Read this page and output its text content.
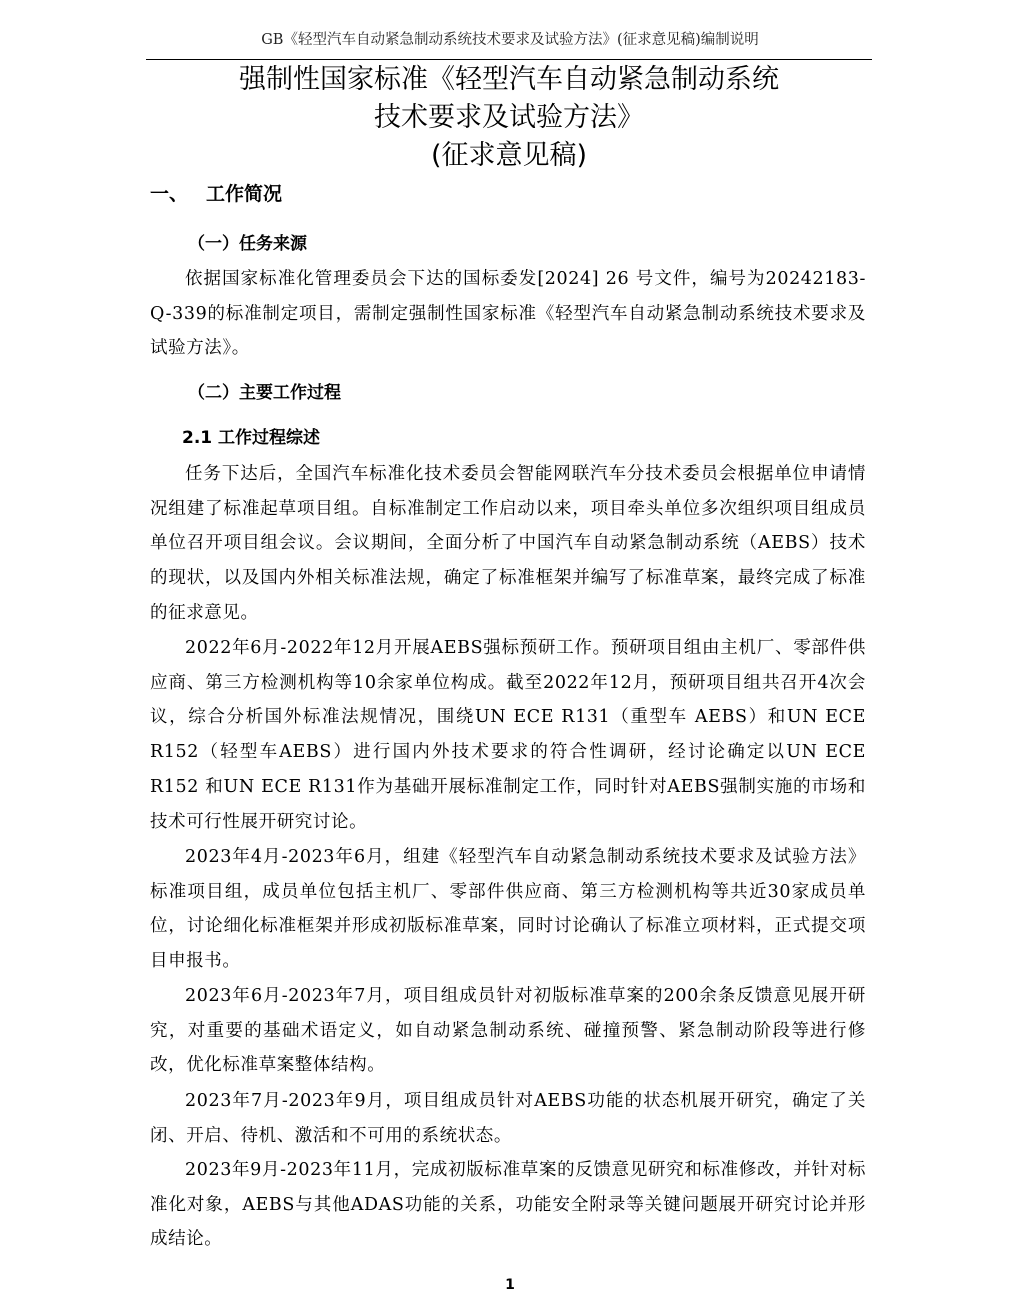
GB《轻型汽车自动紧急制动系统技术要求及试验方法》(征求意见稿)编制说明
强制性国家标准《轻型汽车自动紧急制动系统
技术要求及试验方法》
(征求意见稿)
一、 工作简况
（一）任务来源

依据国家标准化管理委员会下达的国标委发[2024] 26 号文件，编号为20242183-Q-339的标准制定项目，需制定强制性国家标准《轻型汽车自动紧急制动系统技术要求及试验方法》。

（二）主要工作过程
2.1 工作过程综述

任务下达后，全国汽车标准化技术委员会智能网联汽车分技术委员会根据单位申请情况组建了标准起草项目组。自标准制定工作启动以来，项目牵头单位多次组织项目组成员单位召开项目组会议。会议期间，全面分析了中国汽车自动紧急制动系统（AEBS）技术的现状，以及国内外相关标准法规，确定了标准框架并编写了标准草案，最终完成了标准的征求意见。

2022年6月-2022年12月开展AEBS强标预研工作。预研项目组由主机厂、零部件供应商、第三方检测机构等10余家单位构成。截至2022年12月，预研项目组共召开4次会议，综合分析国外标准法规情况，围绕UN ECE R131（重型车 AEBS）和UN ECE R152（轻型车AEBS）进行国内外技术要求的符合性调研，经讨论确定以UN ECE R152 和UN ECE R131作为基础开展标准制定工作，同时针对AEBS强制实施的市场和技术可行性展开研究讨论。

2023年4月-2023年6月，组建《轻型汽车自动紧急制动系统技术要求及试验方法》标准项目组，成员单位包括主机厂、零部件供应商、第三方检测机构等共近30家成员单位，讨论细化标准框架并形成初版标准草案，同时讨论确认了标准立项材料，正式提交项目申报书。

2023年6月-2023年7月，项目组成员针对初版标准草案的200余条反馈意见展开研究，对重要的基础术语定义，如自动紧急制动系统、碰撞预警、紧急制动阶段等进行修改，优化标准草案整体结构。

2023年7月-2023年9月，项目组成员针对AEBS功能的状态机展开研究，确定了关闭、开启、待机、激活和不可用的系统状态。

2023年9月-2023年11月，完成初版标准草案的反馈意见研究和标准修改，并针对标准化对象，AEBS与其他ADAS功能的关系，功能安全附录等关键问题展开研究讨论并形成结论。

1
